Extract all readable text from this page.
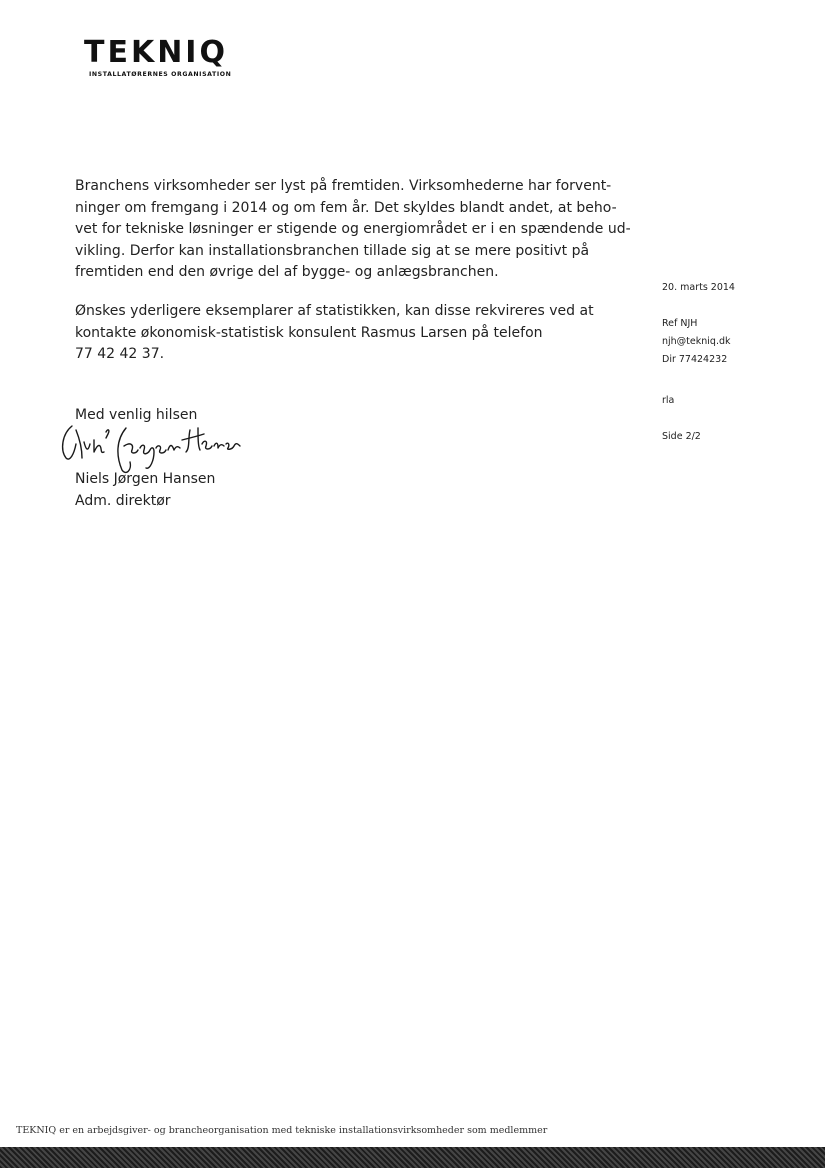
TEKNIQ
INSTALLATØRERNES ORGANISATION
Branchens virksomheder ser lyst på fremtiden. Virksomhederne har forvent-
ninger om fremgang i 2014 og om fem år. Det skyldes blandt andet, at beho-
vet for tekniske løsninger er stigende og energiområdet er i en spændende ud-
vikling. Derfor kan installationsbranchen tillade sig at se mere positivt på
fremtiden end den øvrige del af bygge- og anlægsbranchen.
Ønskes yderligere eksemplarer af statistikken, kan disse rekvireres ved at
kontakte økonomisk-statistisk konsulent Rasmus Larsen på telefon
77 42 42 37.
Med venlig hilsen
Niels Jørgen Hansen
Adm. direktør
20. marts 2014
Ref NJH
njh@tekniq.dk
Dir 77424232
rla
Side 2/2
TEKNIQ er en arbejdsgiver- og brancheorganisation med tekniske installationsvirksomheder som medlemmer
